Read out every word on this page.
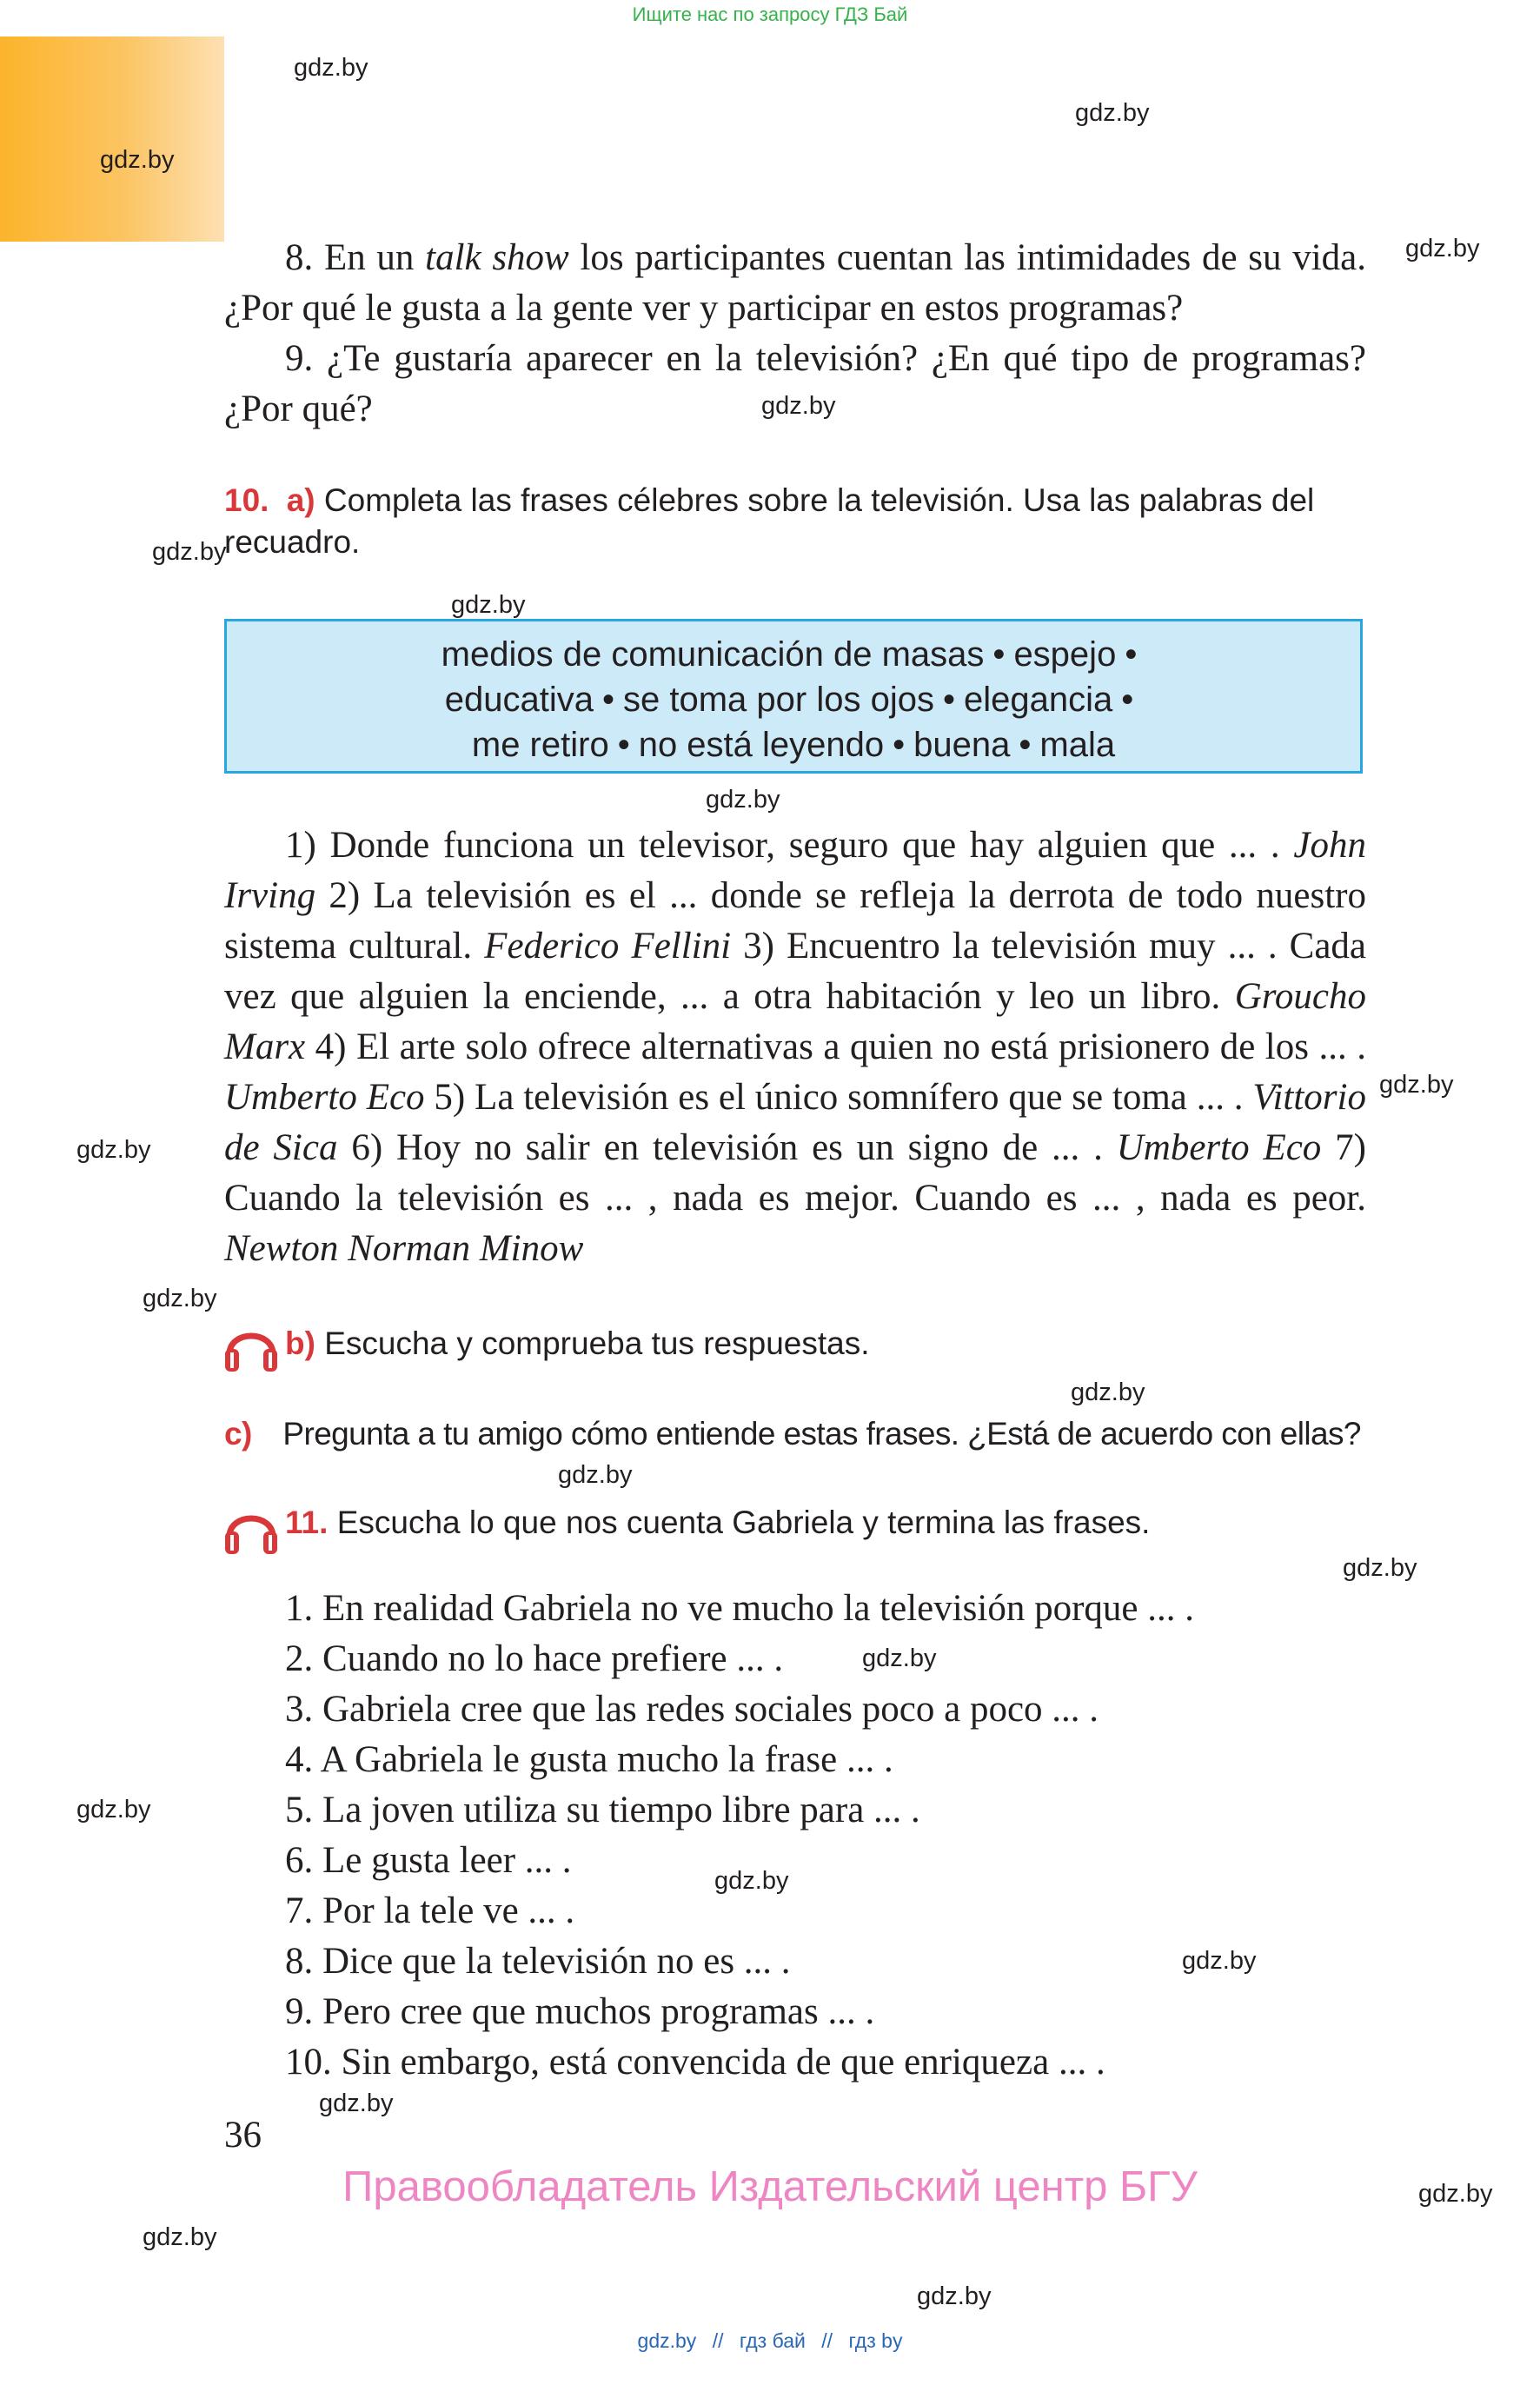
Ищите нас по запросу ГДЗ Бай
gdz.by
gdz.by
gdz.by
gdz.by
gdz.by
gdz.by
gdz.by
gdz.by
gdz.by
gdz.by
gdz.by
gdz.by
gdz.by
gdz.by
gdz.by
gdz.by
gdz.by
gdz.by
gdz.by
gdz.by
gdz.by
gdz.by

8. En un talk show los participantes cuentan las intimidades de su vida. ¿Por qué le gusta a la gente ver y participar en estos programas?

9. ¿Te gustaría aparecer en la televisión? ¿En qué tipo de programas? ¿Por qué?

10. a) Completa las frases célebres sobre la televisión. Usa las palabras del recuadro.
medios de comunicación de masas • espejo •
educativa • se toma por los ojos • elegancia •
me retiro • no está leyendo • buena • mala

1) Donde funciona un televisor, seguro que hay alguien que ... . John Irving 2) La televisión es el ... donde se refleja la derrota de todo nuestro sistema cultural. Federico Fellini 3) Encuentro la televisión muy ... . Cada vez que alguien la enciende, ... a otra habitación y leo un libro. Groucho Marx 4) El arte solo ofrece alternativas a quien no está prisionero de los ... . Umberto Eco 5) La televisión es el único somnífero que se toma ... . Vittorio de Sica 6) Hoy no salir en televisión es un signo de ... . Umberto Eco 7) Cuando la televisión es ... , nada es mejor. Cuando es ... , nada es peor. Newton Norman Minow

b) Escucha y comprueba tus respuestas.
c) Pregunta a tu amigo cómo entiende estas frases. ¿Está de acuerdo con ellas?
11. Escucha lo que nos cuenta Gabriela y termina las frases.
1. En realidad Gabriela no ve mucho la televisión porque ... .
2. Cuando no lo hace prefiere ... .
3. Gabriela cree que las redes sociales poco a poco ... .
4. A Gabriela le gusta mucho la frase ... .
5. La joven utiliza su tiempo libre para ... .
6. Le gusta leer ... .
7. Por la tele ve ... .
8. Dice que la televisión no es ... .
9. Pero cree que muchos programas ... .
10. Sin embargo, está convencida de que enriqueza ... .
36
Правообладатель Издательский центр БГУ
gdz.by // гдз бай // гдз by
